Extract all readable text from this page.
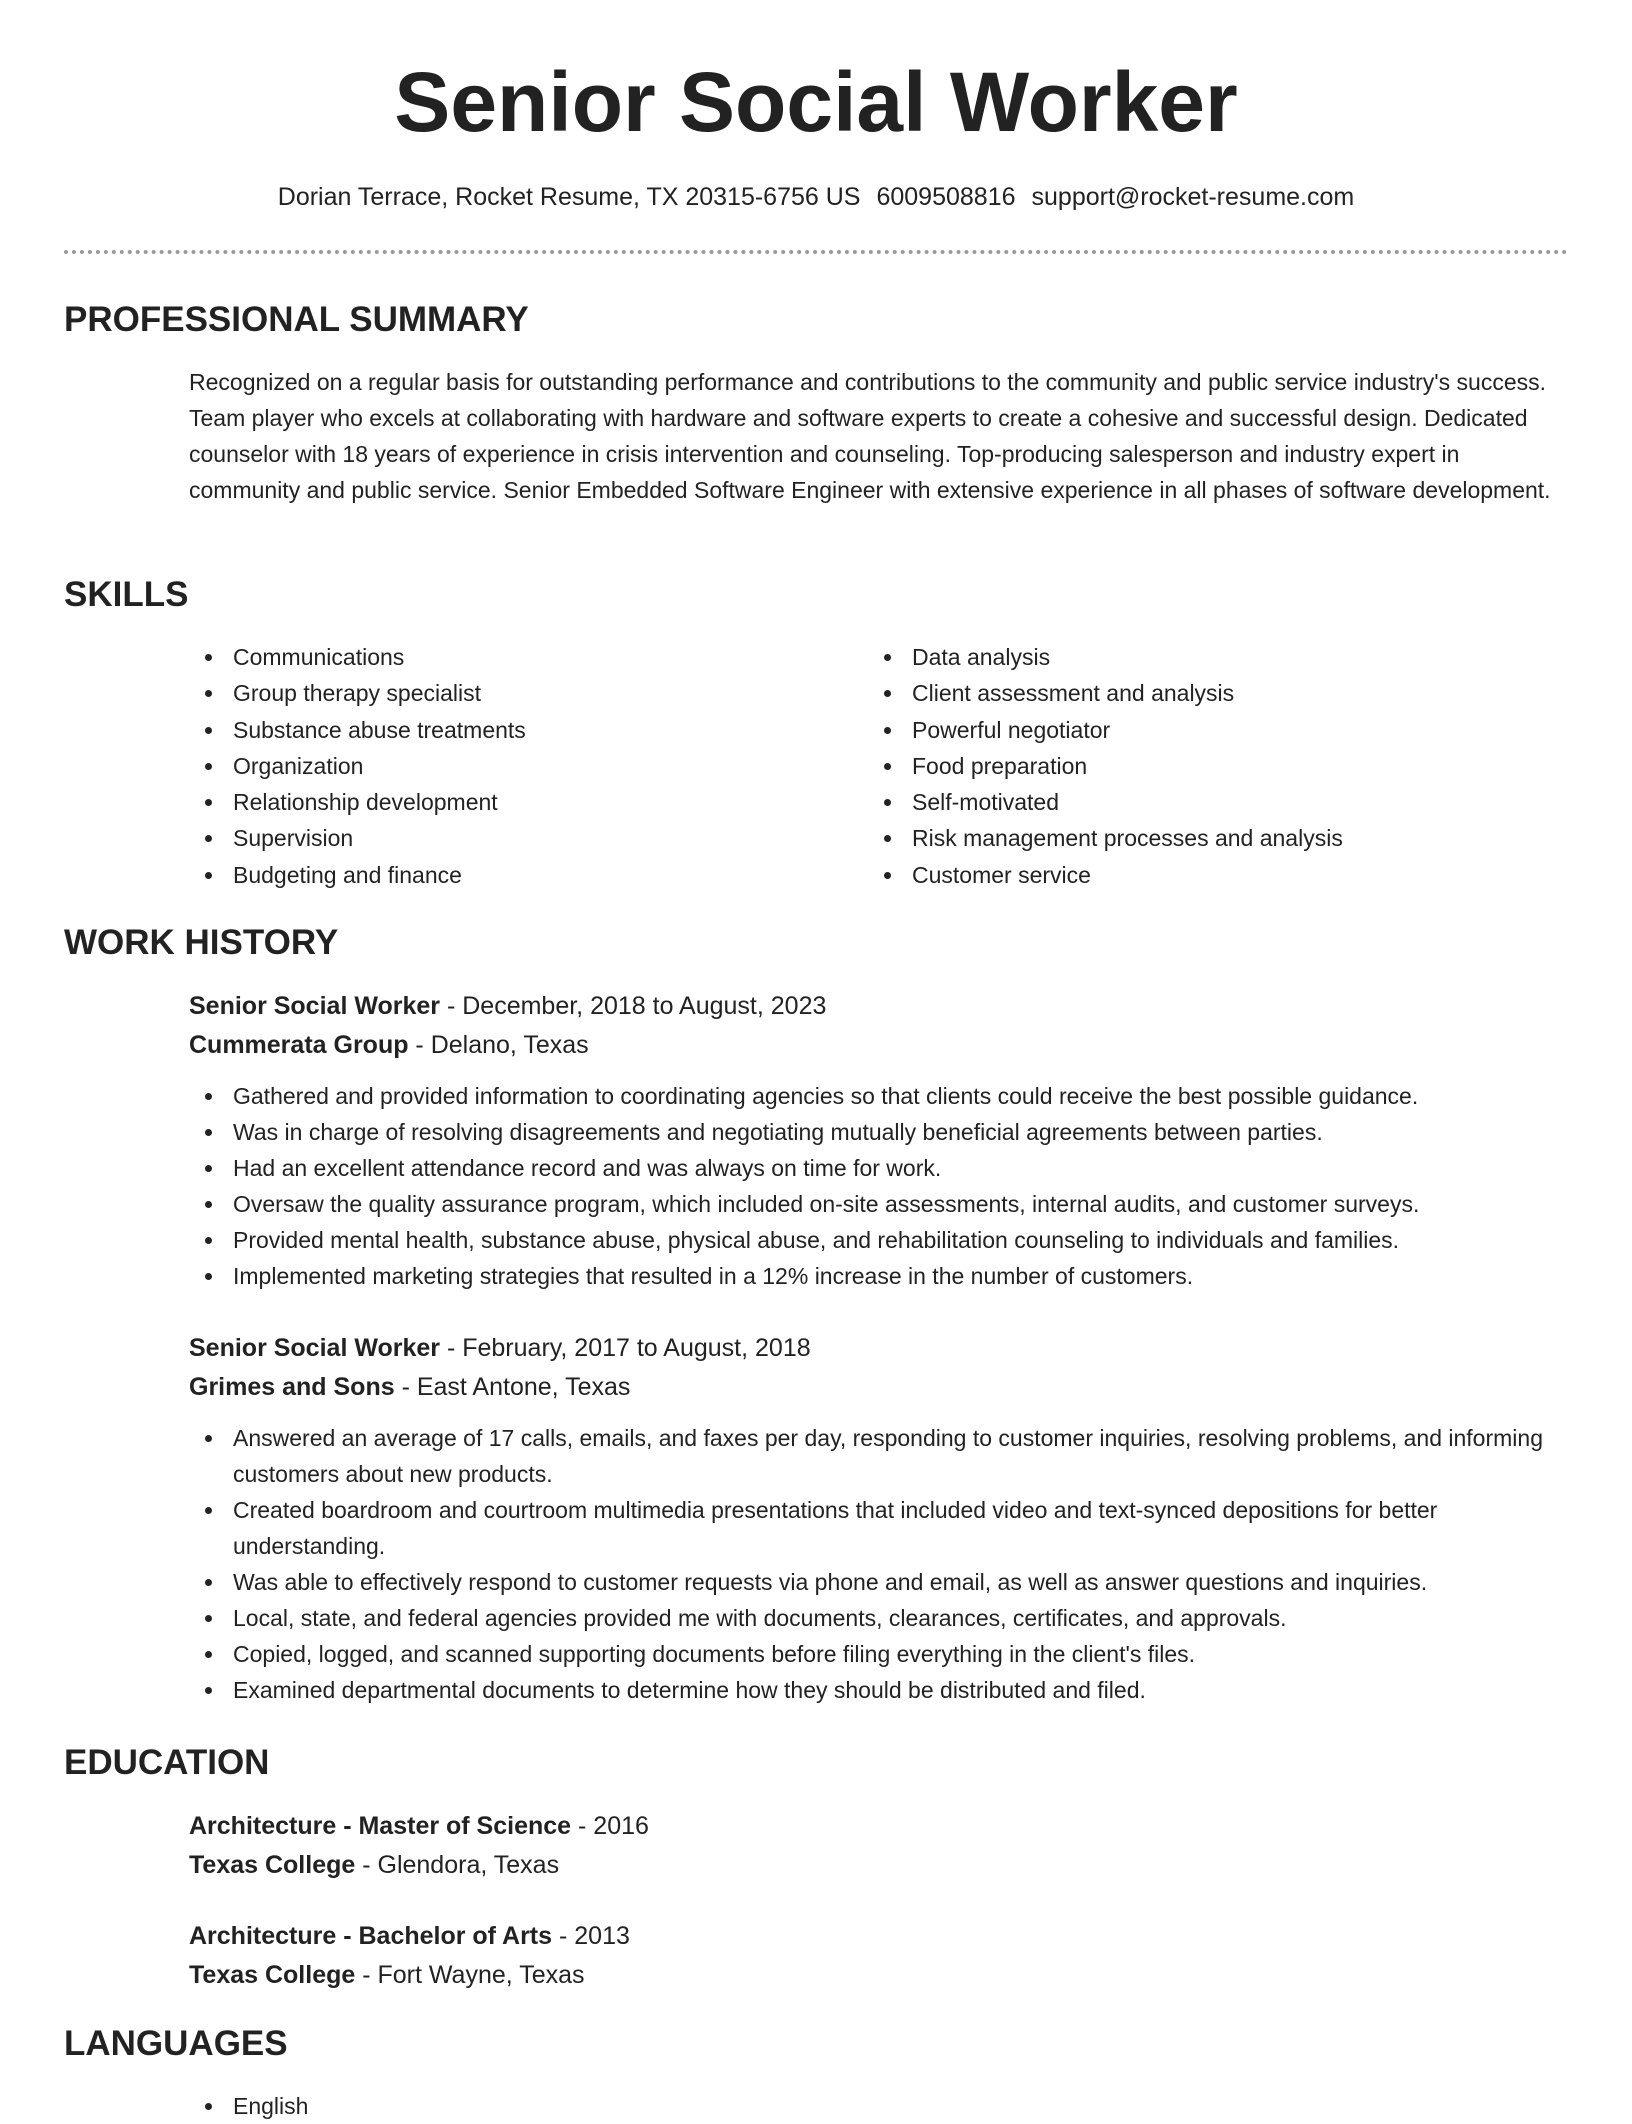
Senior Social Worker
Dorian Terrace, Rocket Resume, TX 20315-6756 US 6009508816 support@rocket-resume.com
PROFESSIONAL SUMMARY

Recognized on a regular basis for outstanding performance and contributions to the community and public service industry's success. Team player who excels at collaborating with hardware and software experts to create a cohesive and successful design. Dedicated counselor with 18 years of experience in crisis intervention and counseling. Top-producing salesperson and industry expert in community and public service. Senior Embedded Software Engineer with extensive experience in all phases of software development.

SKILLS
Communications
Group therapy specialist
Substance abuse treatments
Organization
Relationship development
Supervision
Budgeting and finance
Data analysis
Client assessment and analysis
Powerful negotiator
Food preparation
Self-motivated
Risk management processes and analysis
Customer service
WORK HISTORY
Senior Social Worker - December, 2018 to August, 2023
Cummerata Group - Delano, Texas
Gathered and provided information to coordinating agencies so that clients could receive the best possible guidance.
Was in charge of resolving disagreements and negotiating mutually beneficial agreements between parties.
Had an excellent attendance record and was always on time for work.
Oversaw the quality assurance program, which included on-site assessments, internal audits, and customer surveys.
Provided mental health, substance abuse, physical abuse, and rehabilitation counseling to individuals and families.
Implemented marketing strategies that resulted in a 12% increase in the number of customers.
Senior Social Worker - February, 2017 to August, 2018
Grimes and Sons - East Antone, Texas
Answered an average of 17 calls, emails, and faxes per day, responding to customer inquiries, resolving problems, and informing customers about new products.
Created boardroom and courtroom multimedia presentations that included video and text-synced depositions for better understanding.
Was able to effectively respond to customer requests via phone and email, as well as answer questions and inquiries.
Local, state, and federal agencies provided me with documents, clearances, certificates, and approvals.
Copied, logged, and scanned supporting documents before filing everything in the client's files.
Examined departmental documents to determine how they should be distributed and filed.
EDUCATION
Architecture - Master of Science - 2016
Texas College - Glendora, Texas
Architecture - Bachelor of Arts - 2013
Texas College - Fort Wayne, Texas
LANGUAGES
English
